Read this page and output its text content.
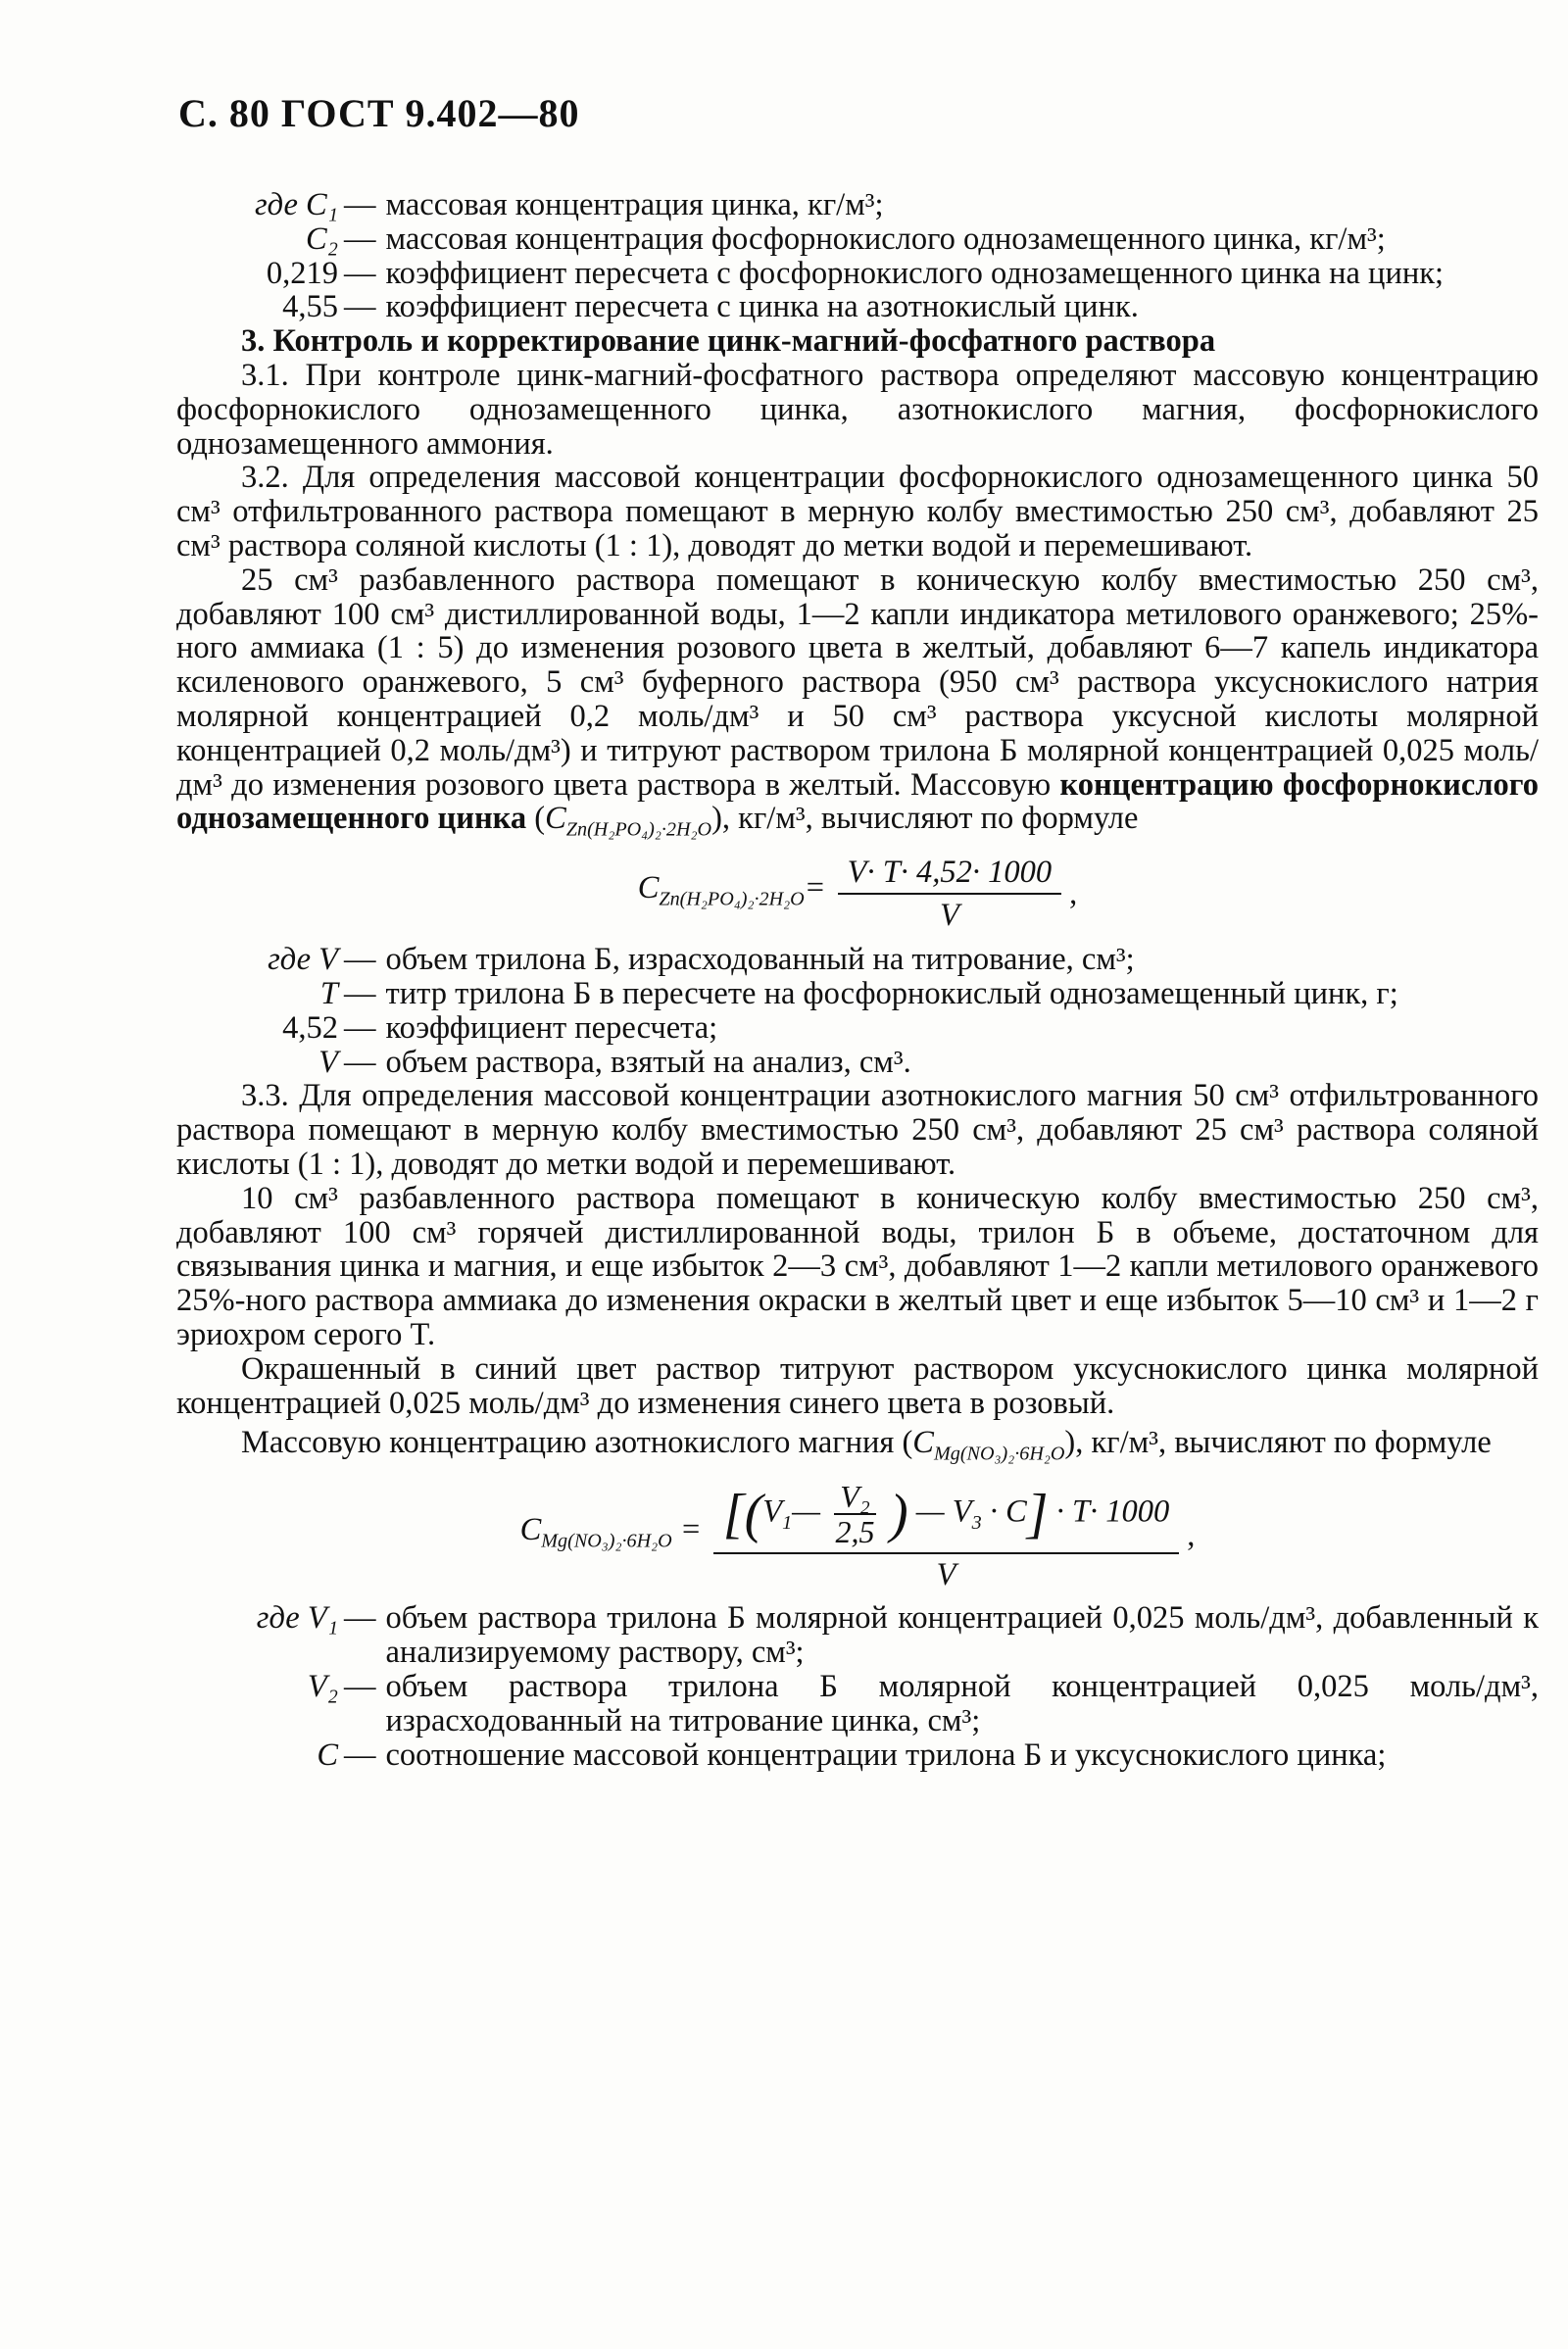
С. 80 ГОСТ 9.402—80
где C₁ — массовая концентрация цинка, кг/м³;
C₂ — массовая концентрация фосфорнокислого однозамещенного цинка, кг/м³;
0,219 — коэффициент пересчета с фосфорнокислого однозамещенного цинка на цинк;
4,55 — коэффициент пересчета с цинка на азотнокислый цинк.

3. Контроль и корректирование цинк-магний-фосфатного раствора

3.1. При контроле цинк-магний-фосфатного раствора определяют массовую концентрацию фосфорнокислого однозамещенного цинка, азотнокислого магния, фосфорнокислого однозамещенного аммония.

3.2. Для определения массовой концентрации фосфорнокислого однозамещенного цинка 50 см³ отфильтрованного раствора помещают в мерную колбу вместимостью 250 см³, добавляют 25 см³ раствора соляной кислоты (1 : 1), доводят до метки водой и перемешивают.

25 см³ разбавленного раствора помещают в коническую колбу вместимостью 250 см³, добавляют 100 см³ дистиллированной воды, 1—2 капли индикатора метилового оранжевого; 25%-ного аммиака (1 : 5) до изменения розового цвета в желтый, добавляют 6—7 капель индикатора ксиленового оранжевого, 5 см³ буферного раствора (950 см³ раствора уксуснокислого натрия молярной концентрацией 0,2 моль/дм³ и 50 см³ раствора уксусной кислоты молярной концентрацией 0,2 моль/дм³) и титруют раствором трилона Б молярной концентрацией 0,025 моль/дм³ до изменения розового цвета раствора в желтый. Массовую концентрацию фосфорнокислого однозамещенного цинка $(C_{Zn(H_2PO_4)_2\cdot 2H_2O})$, кг/м³, вычисляют по формуле

$C_{Zn(H_2PO_4)_2\cdot 2H_2O}= \frac{V\cdot T\cdot 4,52\cdot 1000}{V}$ ,
где V — объем трилона Б, израсходованный на титрование, см³;
T — титр трилона Б в пересчете на фосфорнокислый однозамещенный цинк, г;
4,52 — коэффициент пересчета;
V — объем раствора, взятый на анализ, см³.

3.3. Для определения массовой концентрации азотнокислого магния 50 см³ отфильтрованного раствора помещают в мерную колбу вместимостью 250 см³, добавляют 25 см³ раствора соляной кислоты (1 : 1), доводят до метки водой и перемешивают.

10 см³ разбавленного раствора помещают в коническую колбу вместимостью 250 см³, добавляют 100 см³ горячей дистиллированной воды, трилон Б в объеме, достаточном для связывания цинка и магния, и еще избыток 2—3 см³, добавляют 1—2 капли метилового оранжевого 25%-ного раствора аммиака до изменения окраски в желтый цвет и еще избыток 5—10 см³ и 1—2 г эриохром серого T.

Окрашенный в синий цвет раствор титруют раствором уксуснокислого цинка молярной концентрацией 0,025 моль/дм³ до изменения синего цвета в розовый.

Массовую концентрацию азотнокислого магния $(C_{Mg(NO_3)_2\cdot 6H_2O})$, кг/м³, вычисляют по формуле

$C_{Mg(NO_3)_2\cdot 6H_2O}$ = [($V_1— \frac{\text{V₂}}{2,5}$ ) — $V_3 \cdot C] \cdot T\cdot 1000$
V
,
где V₁ — объем раствора трилона Б молярной концентрацией 0,025 моль/дм³, добавленный к анализируемому раствору, см³;
V₂ — объем раствора трилона Б молярной концентрацией 0,025 моль/дм³, израсходованный на титрование цинка, см³;
C — соотношение массовой концентрации трилона Б и уксуснокислого цинка;
